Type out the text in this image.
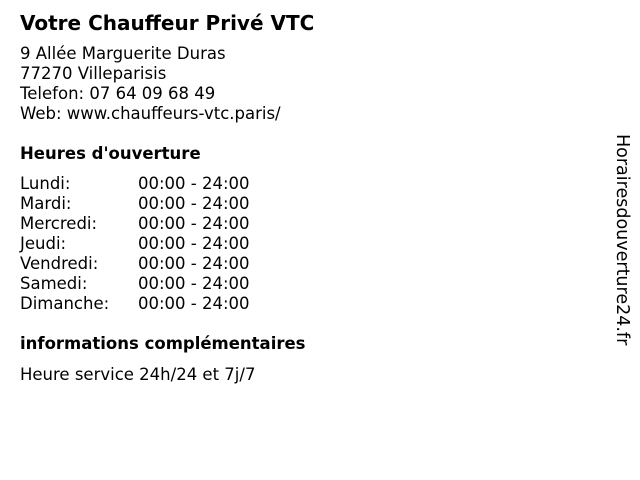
Votre Chauffeur Privé VTC
9 Allée Marguerite Duras
77270 Villeparisis
Telefon: 07 64 09 68 49
Web: www.chauffeurs-vtc.paris/
Heures d'ouverture
Lundi:	00:00 - 24:00
Mardi:	00:00 - 24:00
Mercredi:	00:00 - 24:00
Jeudi:	00:00 - 24:00
Vendredi:	00:00 - 24:00
Samedi:	00:00 - 24:00
Dimanche:	00:00 - 24:00
informations complémentaires
Heure service 24h/24 et 7j/7
Horairesdouverture24.fr
